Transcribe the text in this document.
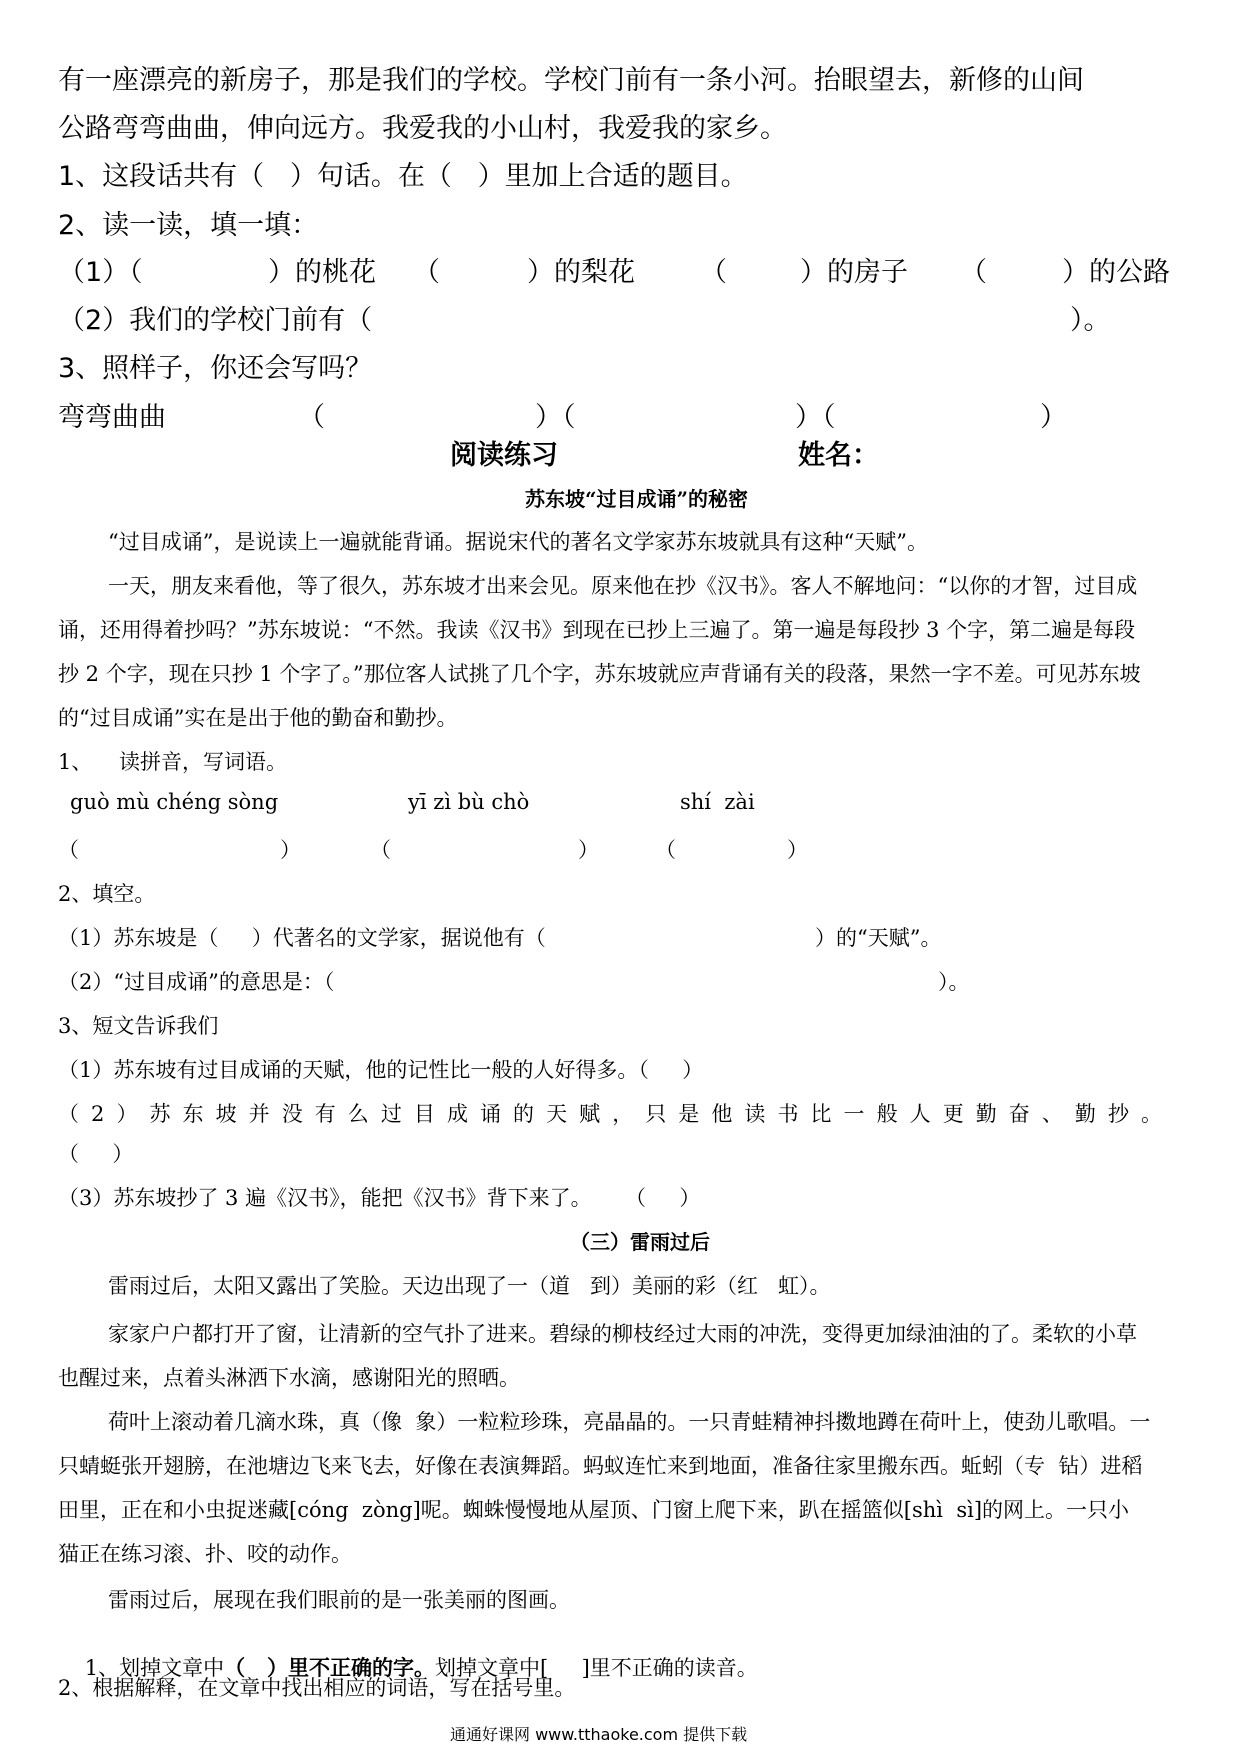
有一座漂亮的新房子，那是我们的学校。学校门前有一条小河。抬眼望去，新修的山间
公路弯弯曲曲，伸向远方。我爱我的小山村，我爱我的家乡。
1、这段话共有（   ）句话。在（   ）里加上合适的题目。
2、读一读，填一填：
（1）（	）的桃花 （	）的梨花 （	）的房子 （	）的公路
（2）我们的学校门前有（	）。
3、照样子，你还会写吗？
弯弯曲曲	（	）（	）（	）
阅读练习	姓名：
苏东坡“过目成诵”的秘密
“过目成诵”，是说读上一遍就能背诵。据说宋代的著名文学家苏东坡就具有这种“天赋”。
一天，朋友来看他，等了很久，苏东坡才出来会见。原来他在抄《汉书》。客人不解地问：“以你的才智，过目成
诵，还用得着抄吗？”苏东坡说：“不然。我读《汉书》到现在已抄上三遍了。第一遍是每段抄 3 个字，第二遍是每段
抄 2 个字，现在只抄 1 个字了。”那位客人试挑了几个字，苏东坡就应声背诵有关的段落，果然一字不差。可见苏东坡
的“过目成诵”实在是出于他的勤奋和勤抄。
1、    读拼音，写词语。
guò mù chéng sòng	yī zì bù chò	shí  zài
（	）	（	）	（	）
2、填空。
（1）苏东坡是（     ）代著名的文学家，据说他有（	）的“天赋”。
（2）“过目成诵”的意思是：（	）。
3、短文告诉我们
（1）苏东坡有过目成诵的天赋，他的记性比一般的人好得多。（     ）
（2）苏东坡并没有么过目成诵的天赋，只是他读书比一般人更勤奋、勤抄。
（     ）
（3）苏东坡抄了 3 遍《汉书》，能把《汉书》背下来了。     （     ）
（三）雷雨过后
雷雨过后，太阳又露出了笑脸。天边出现了一（道   到）美丽的彩（红   虹）。
家家户户都打开了窗，让清新的空气扑了进来。碧绿的柳枝经过大雨的冲洗，变得更加绿油油的了。柔软的小草
也醒过来，点着头淋洒下水滴，感谢阳光的照晒。
荷叶上滚动着几滴水珠，真（像  象）一粒粒珍珠，亮晶晶的。一只青蛙精神抖擞地蹲在荷叶上，使劲儿歌唱。一
只蜻蜓张开翅膀，在池塘边飞来飞去，好像在表演舞蹈。蚂蚁连忙来到地面，准备往家里搬东西。蚯蚓（专  钻）进稻
田里，正在和小虫捉迷藏[cóng  zòng]呢。蜘蛛慢慢地从屋顶、门窗上爬下来，趴在摇篮似[shì  sì]的网上。一只小
猫正在练习滚、扑、咬的动作。
雷雨过后，展现在我们眼前的是一张美丽的图画。

1、划掉文章中（   ）里不正确的字。划掉文章中[     ]里不正确的读音。

2、根据解释，在文章中找出相应的词语，写在括号里。
通通好课网 www.tthaoke.com 提供下载
